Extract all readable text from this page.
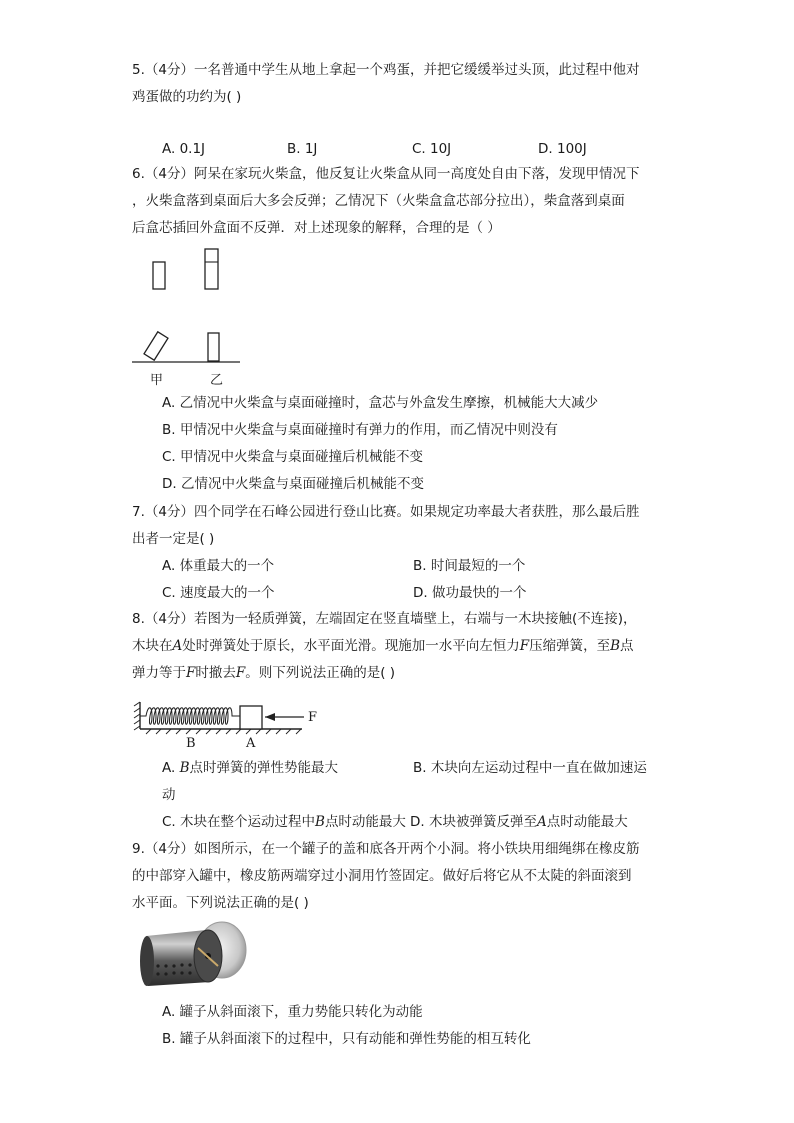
5.（4分）一名普通中学生从地上拿起一个鸡蛋，并把它缓缓举过头顶，此过程中他对
鸡蛋做的功约为( )
A. 0.1J	B. 1J	C. 10J	D. 100J
6.（4分）阿呆在家玩火柴盒，他反复让火柴盒从同一高度处自由下落，发现甲情况下
，火柴盒落到桌面后大多会反弹；乙情况下（火柴盒盒芯部分拉出），柴盒落到桌面
后盒芯插回外盒面不反弹．对上述现象的解释，合理的是（ ）
甲	乙
A. 乙情况中火柴盒与桌面碰撞时，盒芯与外盒发生摩擦，机械能大大减少
B. 甲情况中火柴盒与桌面碰撞时有弹力的作用，而乙情况中则没有
C. 甲情况中火柴盒与桌面碰撞后机械能不变
D. 乙情况中火柴盒与桌面碰撞后机械能不变
7.（4分）四个同学在石峰公园进行登山比赛。如果规定功率最大者获胜，那么最后胜
出者一定是( )
A. 体重最大的一个	B. 时间最短的一个
C. 速度最大的一个	D. 做功最快的一个
8.（4分）若图为一轻质弹簧，左端固定在竖直墙壁上，右端与一木块接触(不连接)，
木块在A处时弹簧处于原长，水平面光滑。现施加一水平向左恒力F压缩弹簧，至B点
弹力等于F时撤去F。则下列说法正确的是( )
F
B	A
A. B点时弹簧的弹性势能最大	B. 木块向左运动过程中一直在做加速运
动
C. 木块在整个运动过程中B点时动能最大 D. 木块被弹簧反弹至A点时动能最大
9.（4分）如图所示，在一个罐子的盖和底各开两个小洞。将小铁块用细绳绑在橡皮筋
的中部穿入罐中，橡皮筋两端穿过小洞用竹签固定。做好后将它从不太陡的斜面滚到
水平面。下列说法正确的是( )
A. 罐子从斜面滚下，重力势能只转化为动能
B. 罐子从斜面滚下的过程中，只有动能和弹性势能的相互转化
